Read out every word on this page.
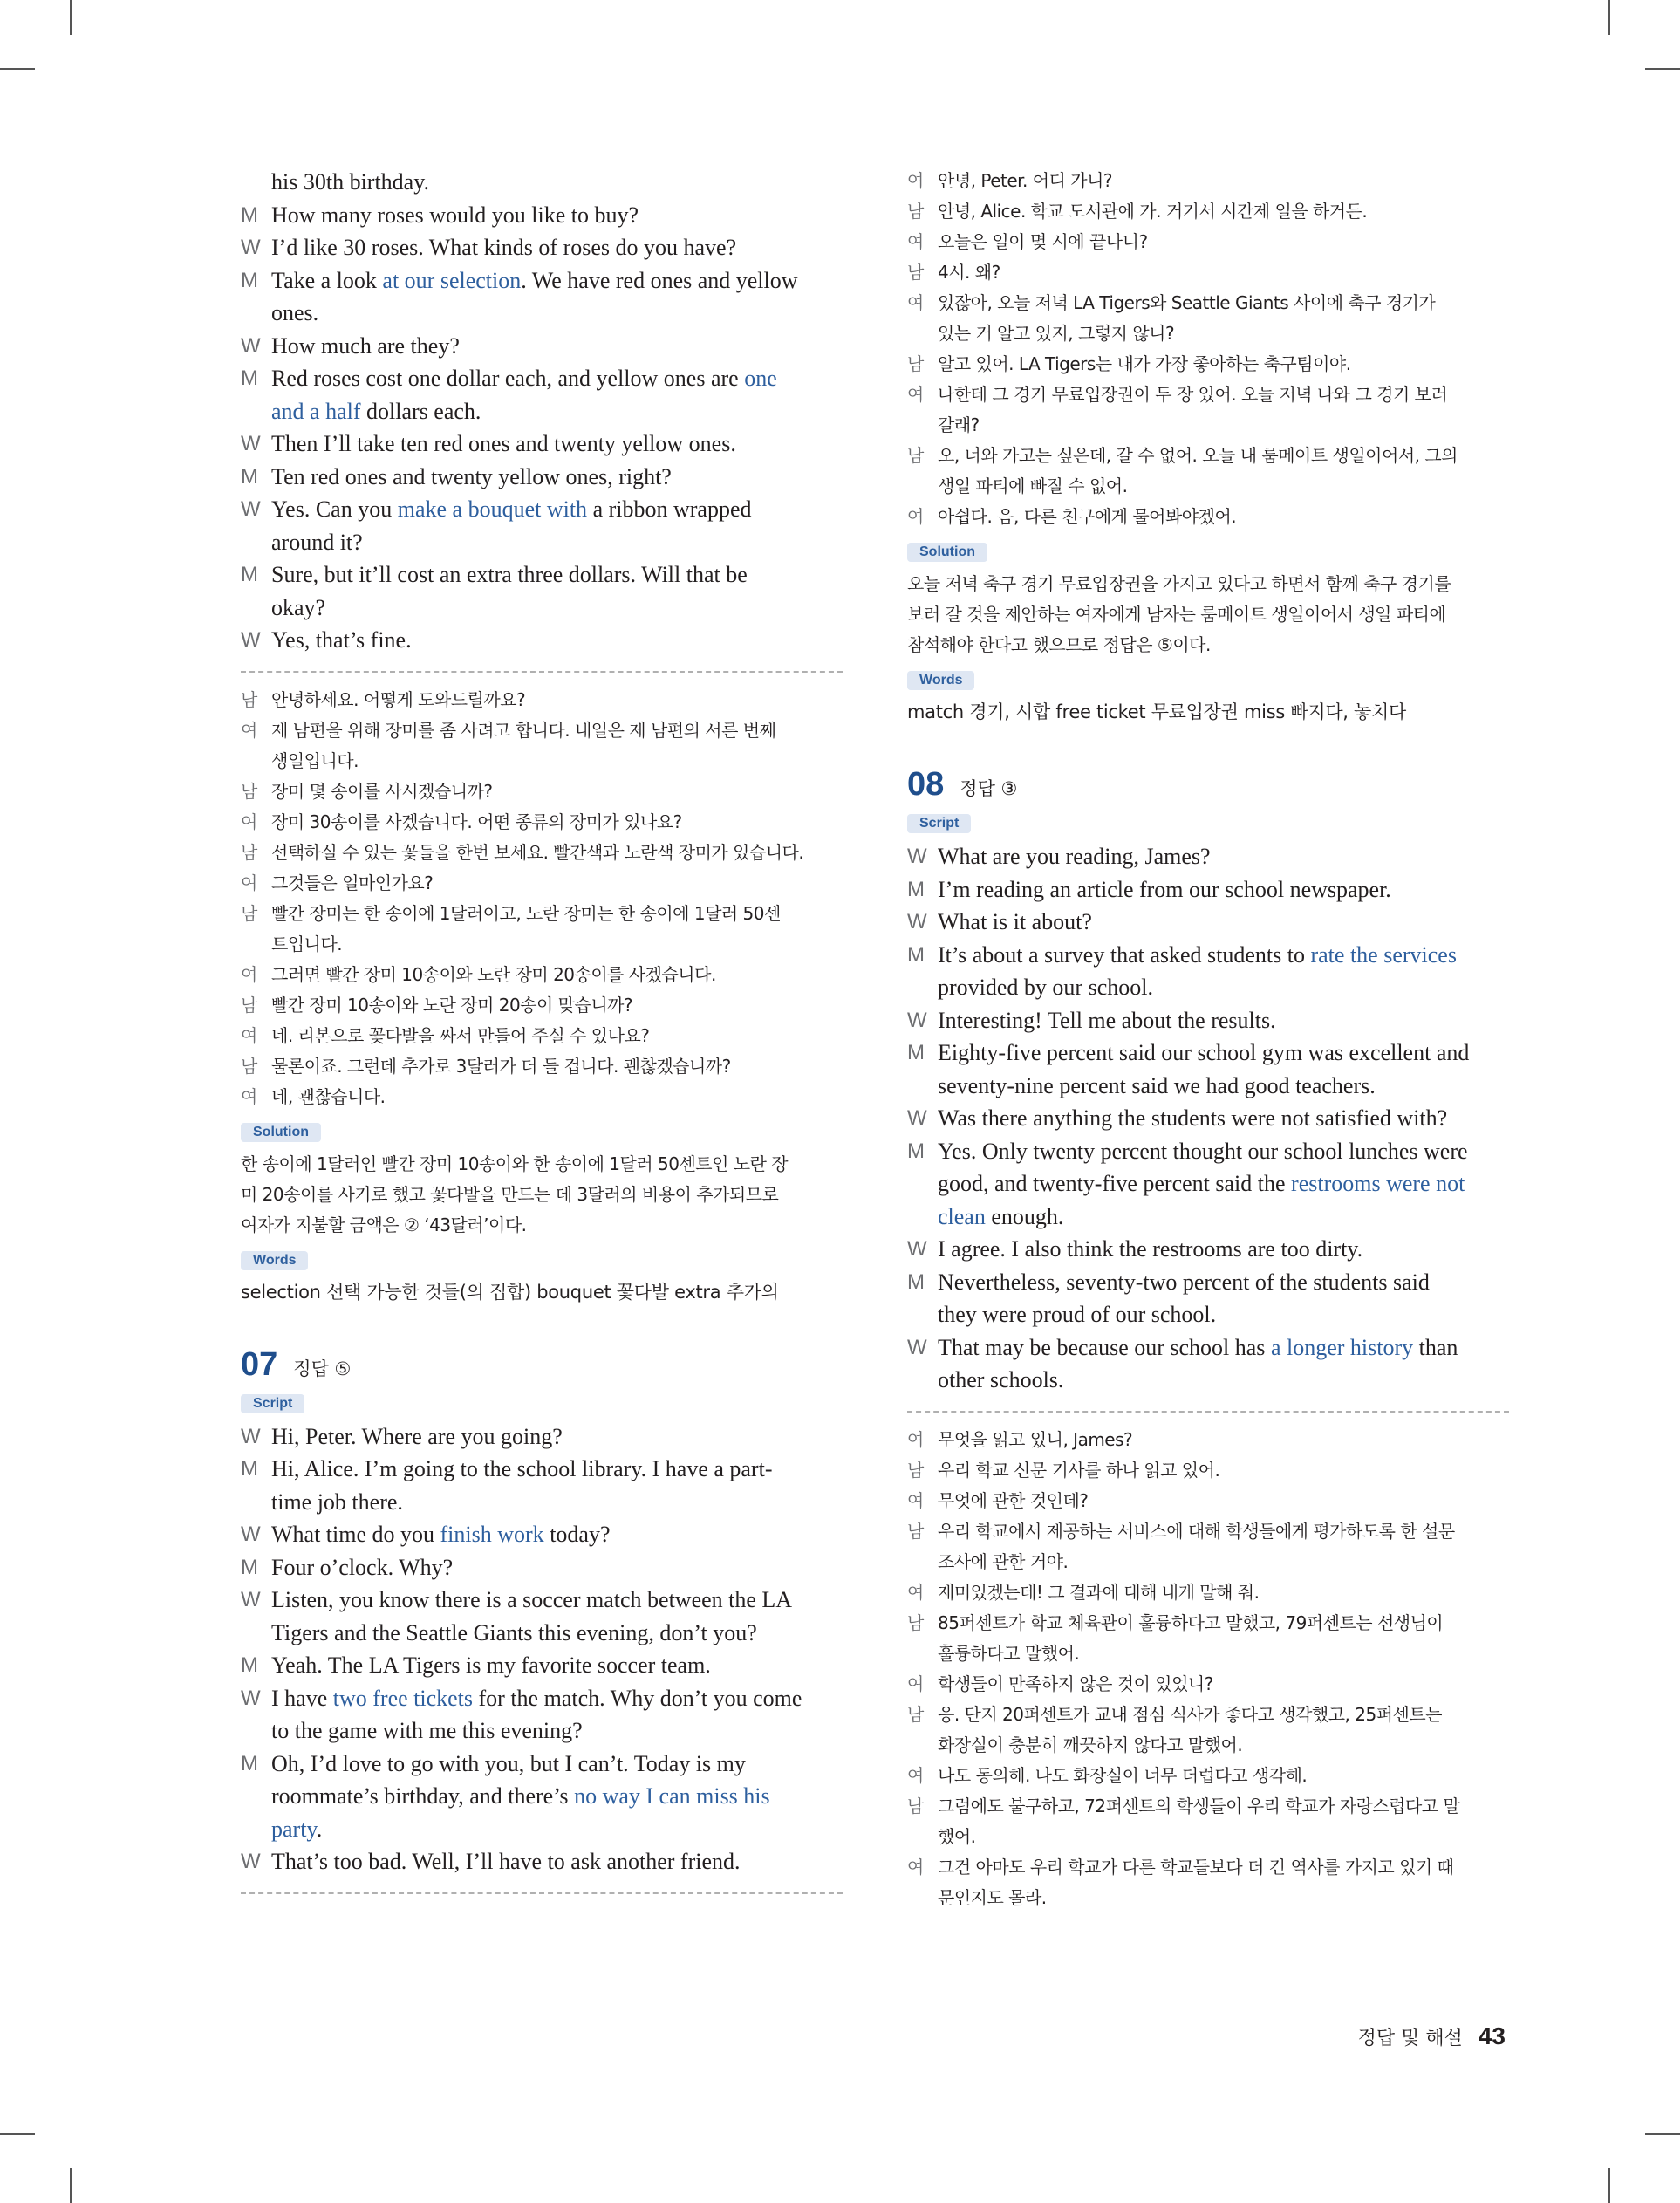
his 30th birthday.
M How many roses would you like to buy?
W I’d like 30 roses. What kinds of roses do you have?
M Take a look at our selection. We have red ones and yellow
ones.
W How much are they?
M Red roses cost one dollar each, and yellow ones are one
and a half dollars each.
W Then I’ll take ten red ones and twenty yellow ones.
M Ten red ones and twenty yellow ones, right?
W Yes. Can you make a bouquet with a ribbon wrapped
around it?
M Sure, but it’ll cost an extra three dollars. Will that be
okay?
W Yes, that’s fine.
남 안녕하세요. 어떻게 도와드릴까요?
여 제 남편을 위해 장미를 좀 사려고 합니다. 내일은 제 남편의 서른 번째
생일입니다.
남 장미 몇 송이를 사시겠습니까?
여 장미 30송이를 사겠습니다. 어떤 종류의 장미가 있나요?
남 선택하실 수 있는 꽃들을 한번 보세요. 빨간색과 노란색 장미가 있습니다.
여 그것들은 얼마인가요?
남 빨간 장미는 한 송이에 1달러이고, 노란 장미는 한 송이에 1달러 50센
트입니다.
여 그러면 빨간 장미 10송이와 노란 장미 20송이를 사겠습니다.
남 빨간 장미 10송이와 노란 장미 20송이 맞습니까?
여 네. 리본으로 꽃다발을 싸서 만들어 주실 수 있나요?
남 물론이죠. 그런데 추가로 3달러가 더 들 겁니다. 괜찮겠습니까?
여 네, 괜찮습니다.
Solution
한 송이에 1달러인 빨간 장미 10송이와 한 송이에 1달러 50센트인 노란 장
미 20송이를 사기로 했고 꽃다발을 만드는 데 3달러의 비용이 추가되므로
여자가 지불할 금액은 ② ‘43달러’이다.
Words
selection 선택 가능한 것들(의 집합) bouquet 꽃다발 extra 추가의
07 정답 ⑤
Script
W Hi, Peter. Where are you going?
M Hi, Alice. I’m going to the school library. I have a part-
time job there.
W What time do you finish work today?
M Four o’clock. Why?
W Listen, you know there is a soccer match between the LA
Tigers and the Seattle Giants this evening, don’t you?
M Yeah. The LA Tigers is my favorite soccer team.
W I have two free tickets for the match. Why don’t you come
to the game with me this evening?
M Oh, I’d love to go with you, but I can’t. Today is my
roommate’s birthday, and there’s no way I can miss his
party.
W That’s too bad. Well, I’ll have to ask another friend.
여 안녕, Peter. 어디 가니?
남 안녕, Alice. 학교 도서관에 가. 거기서 시간제 일을 하거든.
여 오늘은 일이 몇 시에 끝나니?
남 4시. 왜?
여 있잖아, 오늘 저녁 LA Tigers와 Seattle Giants 사이에 축구 경기가
있는 거 알고 있지, 그렇지 않니?
남 알고 있어. LA Tigers는 내가 가장 좋아하는 축구팀이야.
여 나한테 그 경기 무료입장권이 두 장 있어. 오늘 저녁 나와 그 경기 보러
갈래?
남 오, 너와 가고는 싶은데, 갈 수 없어. 오늘 내 룸메이트 생일이어서, 그의
생일 파티에 빠질 수 없어.
여 아쉽다. 음, 다른 친구에게 물어봐야겠어.
Solution
오늘 저녁 축구 경기 무료입장권을 가지고 있다고 하면서 함께 축구 경기를
보러 갈 것을 제안하는 여자에게 남자는 룸메이트 생일이어서 생일 파티에
참석해야 한다고 했으므로 정답은 ⑤이다.
Words
match 경기, 시합 free ticket 무료입장권 miss 빠지다, 놓치다
08 정답 ③
Script
W What are you reading, James?
M I’m reading an article from our school newspaper.
W What is it about?
M It’s about a survey that asked students to rate the services
provided by our school.
W Interesting! Tell me about the results.
M Eighty-five percent said our school gym was excellent and
seventy-nine percent said we had good teachers.
W Was there anything the students were not satisfied with?
M Yes. Only twenty percent thought our school lunches were
good, and twenty-five percent said the restrooms were not
clean enough.
W I agree. I also think the restrooms are too dirty.
M Nevertheless, seventy-two percent of the students said
they were proud of our school.
W That may be because our school has a longer history than
other schools.
여 무엇을 읽고 있니, James?
남 우리 학교 신문 기사를 하나 읽고 있어.
여 무엇에 관한 것인데?
남 우리 학교에서 제공하는 서비스에 대해 학생들에게 평가하도록 한 설문
조사에 관한 거야.
여 재미있겠는데! 그 결과에 대해 내게 말해 줘.
남 85퍼센트가 학교 체육관이 훌륭하다고 말했고, 79퍼센트는 선생님이
훌륭하다고 말했어.
여 학생들이 만족하지 않은 것이 있었니?
남 응. 단지 20퍼센트가 교내 점심 식사가 좋다고 생각했고, 25퍼센트는
화장실이 충분히 깨끗하지 않다고 말했어.
여 나도 동의해. 나도 화장실이 너무 더럽다고 생각해.
남 그럼에도 불구하고, 72퍼센트의 학생들이 우리 학교가 자랑스럽다고 말
했어.
여 그건 아마도 우리 학교가 다른 학교들보다 더 긴 역사를 가지고 있기 때
문인지도 몰라.
정답 및 해설 43
